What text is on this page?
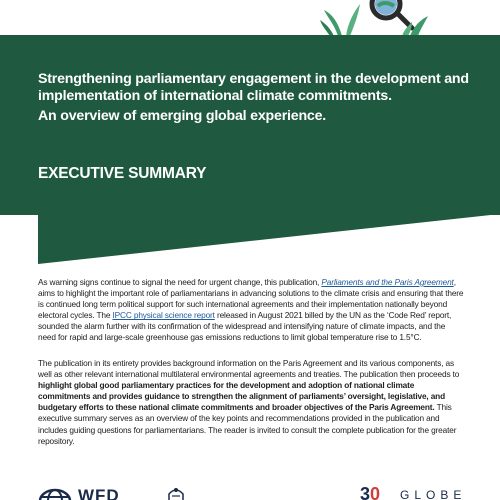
Strengthening parliamentary engagement in the development and implementation of international climate commitments.
An overview of emerging global experience.
EXECUTIVE SUMMARY
As warning signs continue to signal the need for urgent change, this publication, Parliaments and the Paris Agreement, aims to highlight the important role of parliamentarians in advancing solutions to the climate crisis and ensuring that there is continued long term political support for such international agreements and their implementation nationally beyond electoral cycles. The IPCC physical science report released in August 2021 billed by the UN as the ‘Code Red’ report, sounded the alarm further with its confirmation of the widespread and intensifying nature of climate impacts, and the need for rapid and large-scale greenhouse gas emissions reductions to limit global temperature rise to 1.5°C.
The publication in its entirety provides background information on the Paris Agreement and its various components, as well as other relevant international multilateral environmental agreements and treaties. The publication then proceeds to highlight global good parliamentary practices for the development and adoption of national climate commitments and provides guidance to strengthen the alignment of parliaments’ oversight, legislative, and budgetary efforts to these national climate commitments and broader objectives of the Paris Agreement. This executive summary serves as an overview of the key points and recommendations provided in the publication and includes guiding questions for parliamentarians. The reader is invited to consult the complete publication for the greater repository.
WFD	30 GLOBE
